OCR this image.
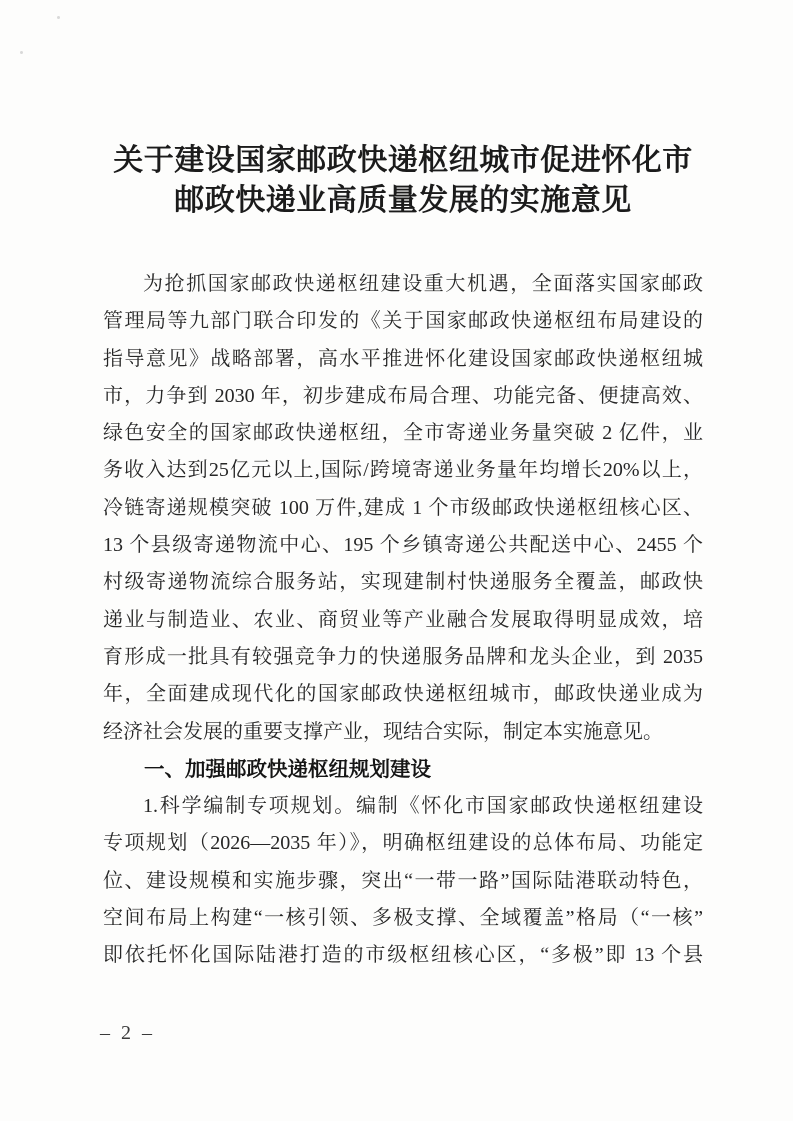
关于建设国家邮政快递枢纽城市促进怀化市
邮政快递业高质量发展的实施意见
为抢抓国家邮政快递枢纽建设重大机遇，全面落实国家邮政
管理局等九部门联合印发的《关于国家邮政快递枢纽布局建设的
指导意见》战略部署，高水平推进怀化建设国家邮政快递枢纽城
市，力争到 2030 年，初步建成布局合理、功能完备、便捷高效、
绿色安全的国家邮政快递枢纽，全市寄递业务量突破 2 亿件，业
务收入达到25亿元以上,国际/跨境寄递业务量年均增长20%以上，
冷链寄递规模突破 100 万件,建成 1 个市级邮政快递枢纽核心区、
13 个县级寄递物流中心、195 个乡镇寄递公共配送中心、2455 个
村级寄递物流综合服务站，实现建制村快递服务全覆盖，邮政快
递业与制造业、农业、商贸业等产业融合发展取得明显成效，培
育形成一批具有较强竞争力的快递服务品牌和龙头企业，到 2035
年，全面建成现代化的国家邮政快递枢纽城市，邮政快递业成为
经济社会发展的重要支撑产业，现结合实际，制定本实施意见。
一、加强邮政快递枢纽规划建设
1.科学编制专项规划。编制《怀化市国家邮政快递枢纽建设
专项规划（2026—2035 年）》，明确枢纽建设的总体布局、功能定
位、建设规模和实施步骤，突出“一带一路”国际陆港联动特色，
空间布局上构建“一核引领、多极支撑、全域覆盖”格局（“一核”
即依托怀化国际陆港打造的市级枢纽核心区，“多极”即 13 个县
– 2 –
